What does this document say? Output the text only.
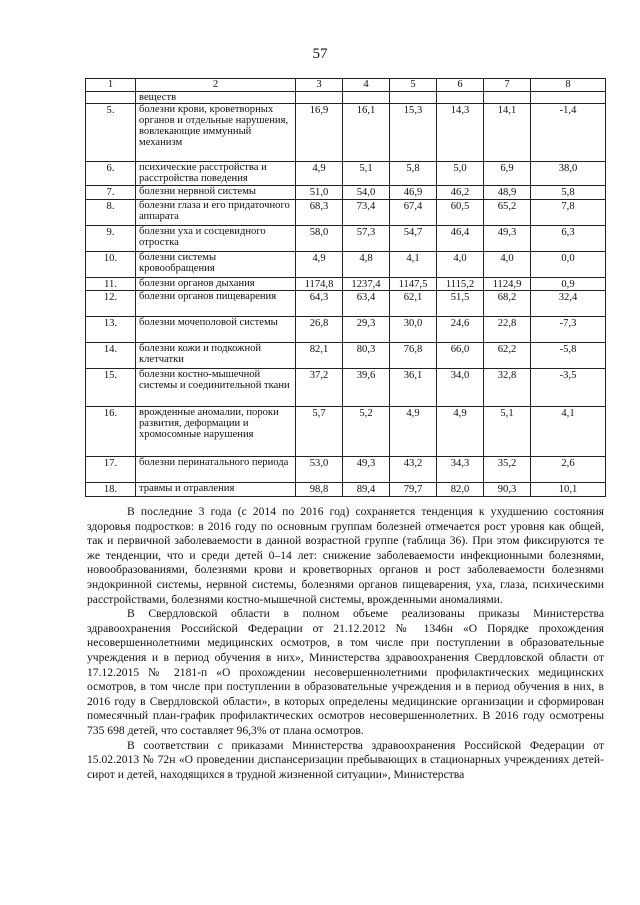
57
1	2	3	4	5	6	7	8
	веществ						
5.	болезни крови, кроветворных органов и отдельные нарушения, вовлекающие иммунный механизм	16,9	16,1	15,3	14,3	14,1	-1,4
6.	психические расстройства и расстройства поведения	4,9	5,1	5,8	5,0	6,9	38,0
7.	болезни нервной системы	51,0	54,0	46,9	46,2	48,9	5,8
8.	болезни глаза и его придаточного аппарата	68,3	73,4	67,4	60,5	65,2	7,8
9.	болезни уха и сосцевидного отростка	58,0	57,3	54,7	46,4	49,3	6,3
10.	болезни системы кровообращения	4,9	4,8	4,1	4,0	4,0	0,0
11.	болезни органов дыхания	1174,8	1237,4	1147,5	1115,2	1124,9	0,9
12.	болезни органов пищеварения	64,3	63,4	62,1	51,5	68,2	32,4
13.	болезни мочеполовой системы	26,8	29,3	30,0	24,6	22,8	-7,3
14.	болезни кожи и подкожной клетчатки	82,1	80,3	76,8	66,0	62,2	-5,8
15.	болезни костно-мышечной системы и соединительной ткани	37,2	39,6	36,1	34,0	32,8	-3,5
16.	врожденные аномалии, пороки развития, деформации и хромосомные нарушения	5,7	5,2	4,9	4,9	5,1	4,1
17.	болезни перинатального периода	53,0	49,3	43,2	34,3	35,2	2,6
18.	травмы и отравления	98,8	89,4	79,7	82,0	90,3	10,1

В последние 3 года (с 2014 по 2016 год) сохраняется тенденция к ухудшению состояния здоровья подростков: в 2016 году по основным группам болезней отмечается рост уровня как общей, так и первичной заболеваемости в данной возрастной группе (таблица 36). При этом фиксируются те же тенденции, что и среди детей 0–14 лет: снижение заболеваемости инфекционными болезнями, новообразованиями, болезнями крови и кроветворных органов и рост заболеваемости болезнями эндокринной системы, нервной системы, болезнями органов пищеварения, уха, глаза, психическими расстройствами, болезнями костно-мышечной системы, врожденными аномалиями.

В Свердловской области в полном объеме реализованы приказы Министерства здравоохранения Российской Федерации от 21.12.2012 № 1346н «О Порядке прохождения несовершеннолетними медицинских осмотров, в том числе при поступлении в образовательные учреждения и в период обучения в них», Министерства здравоохранения Свердловской области от 17.12.2015 № 2181-п «О прохождении несовершеннолетними профилактических медицинских осмотров, в том числе при поступлении в образовательные учреждения и в период обучения в них, в 2016 году в Свердловской области», в которых определены медицинские организации и сформирован помесячный план-график профилактических осмотров несовершеннолетних. В 2016 году осмотрены 735 698 детей, что составляет 96,3% от плана осмотров.

В соответствии с приказами Министерства здравоохранения Российской Федерации от 15.02.2013 № 72н «О проведении диспансеризации пребывающих в стационарных учреждениях детей-сирот и детей, находящихся в трудной жизненной ситуации», Министерства
